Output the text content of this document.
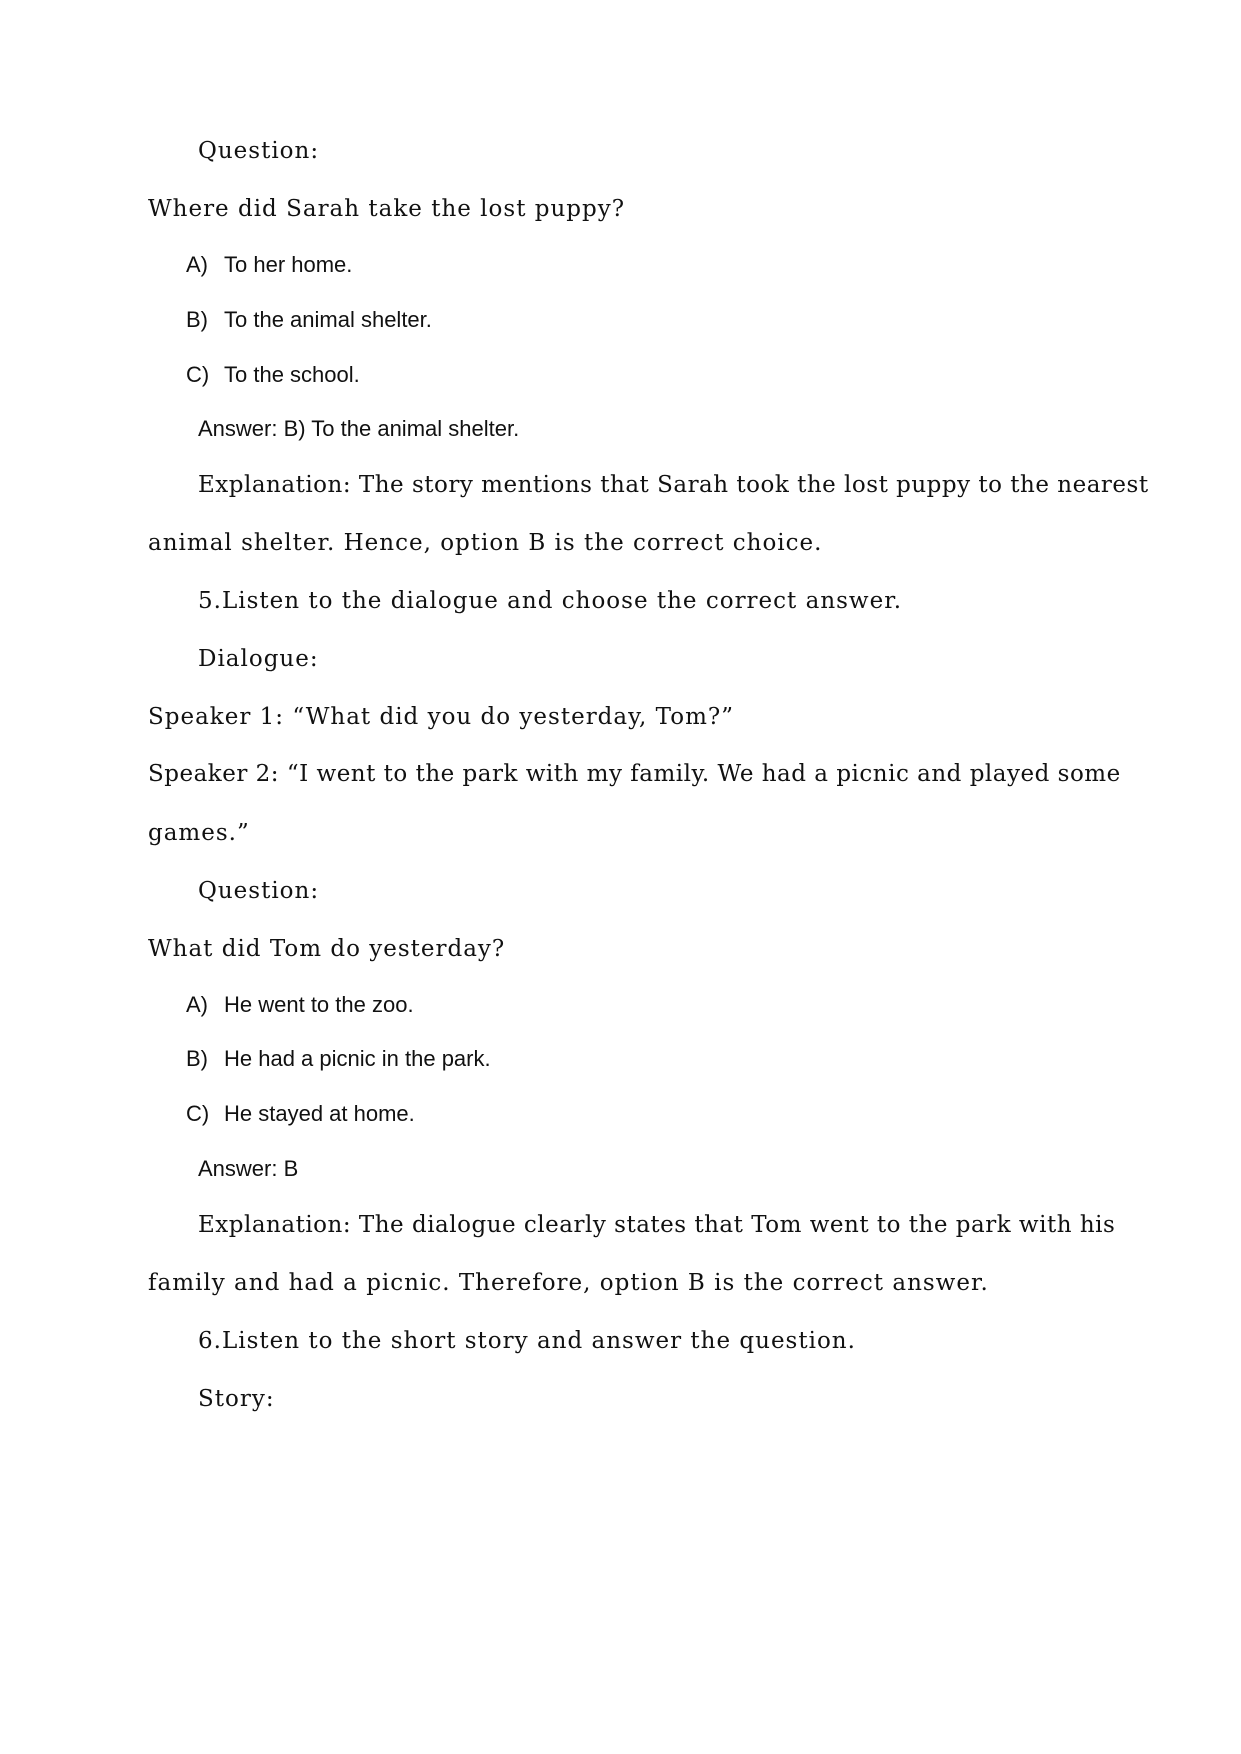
Question:
Where did Sarah take the lost puppy?
A) To her home.
B) To the animal shelter.
C) To the school.
Answer: B) To the animal shelter.
Explanation: The story mentions that Sarah took the lost puppy to the nearest
animal shelter. Hence, option B is the correct choice.
5.Listen to the dialogue and choose the correct answer.
Dialogue:
Speaker 1: “What did you do yesterday, Tom?”
Speaker 2: “I went to the park with my family. We had a picnic and played some
games.”
Question:
What did Tom do yesterday?
A) He went to the zoo.
B) He had a picnic in the park.
C) He stayed at home.
Answer: B
Explanation: The dialogue clearly states that Tom went to the park with his
family and had a picnic. Therefore, option B is the correct answer.
6.Listen to the short story and answer the question.
Story:
